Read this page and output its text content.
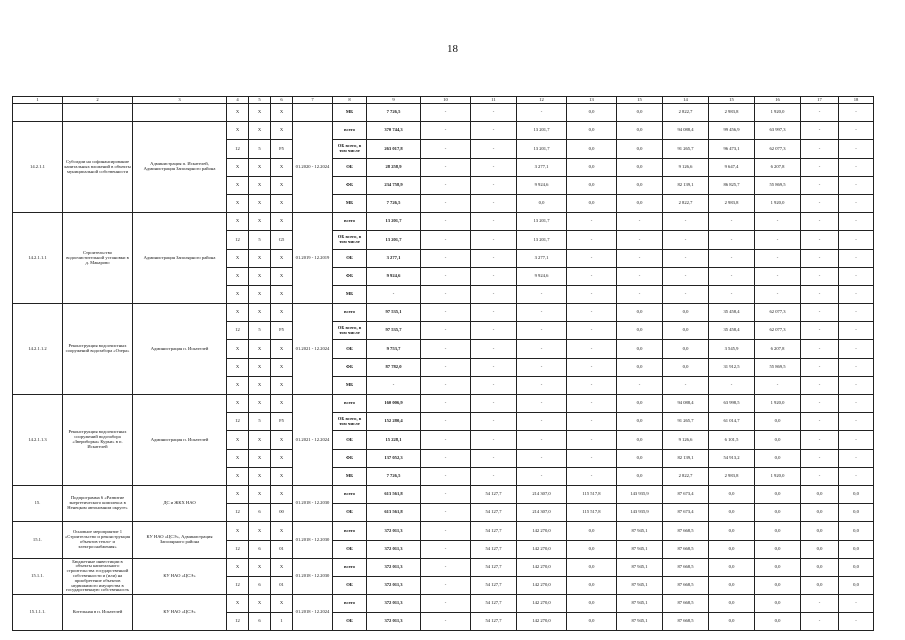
18
1	2	3	4	5	6	7	8	9	10	11	12	13	15	14	15	16	17	18
			X	X	X		МБ	7 726,5	-	-	-	0,0	0,0	2 822,7	2 983,8	1 920,0	-	-
14.2.1.1	Субсидии на софинансирование капитальных вложений в объекты муниципальной собственности	Администрация п. Искателей, Администрация Заполярного района	X	X	X	01.2020 - 12.2024	всего	370 744,3	-	-	13 201,7	0,0	0,0	94 088,4	99 456,9	63 997,3	-	-
			12	5	F5		ОБ всего, в том числе	263 017,8	-	-	13 201,7	0,0	0,0	91 265,7	96 473,1	62 077,3	-	-
			X	X	X		ОБ	28 258,9	-	-	3 277,1	0,0	0,0	9 126,6	9 647,4	6 207,8	-	-
			X	X	X		ФБ	234 758,9	-	-	9 924,6	0,0	0,0	82 139,1	86 825,7	55 869,5	-	-
			X	X	X		МБ	7 726,5	-	-	0,0	0,0	0,0	2 822,7	2 983,8	1 920,0	-	-
14.2.1.1.1	Строительство водоочистительной установки в д. Макарово	Администрация Заполярного района	X	X	X	01.2019 - 12.2019	всего	13 201,7	-	-	13 201,7	-	-	-	-	-	-	-
			12	5	G5		ОБ всего, в том числе	13 201,7	-	-	13 201,7	-	-	-	-	-	-	-
			X	X	X		ОБ	3 277,1	-	-	3 277,1	-	-	-	-	-	-	-
			X	X	X		ФБ	9 924,6	-	-	9 924,6	-	-	-	-	-	-	-
			X	X	X		МБ	-	-	-	-	-	-	-	-	-	-	-
14.2.1.1.2	Реконструкция водоочистных сооружений водозабора «Озера»	Администрация п. Искателей	X	X	X	01.2021 - 12.2024	всего	97 535,1	-	-	-	-	0,0	0,0	35 458,4	62 077,3	-	-
			12	5	F5		ОБ всего, в том числе	97 535,7	-	-	-	-	0,0	0,0	35 458,4	62 077,3	-	-
			X	X	X		ОБ	9 753,7	-	-	-	-	0,0	0,0	3 545,9	6 207,8	-	-
			X	X	X		ФБ	87 782,0	-	-	-	-	0,0	0,0	31 912,5	55 869,5	-	-
			X	X	X		МБ	-	-	-	-	-	-	-	-	-	-	-
14.2.1.1.3	Реконструкция водоочистных сооружений водозабора «Звериборка» Курьи» в п. Искателей	Администрация п. Искателей	X	X	X	01.2021 - 12.2024	всего	160 006,9	-	-	-	-	0,0	94 088,4	63 998,5	1 920,0	-	-
			12	5	F5		ОБ всего, в том числе	152 280,4	-	-	-	-	0,0	91 265,7	61 014,7	0,0	-	-
			X	X	X		ОБ	15 228,1	-	-	-	-	0,0	9 126,6	6 101,5	0,0	-	-
			X	X	X		ФБ	137 052,3	-	-	-	-	0,0	82 139,1	54 913,2	0,0	-	-
			X	X	X		МБ	7 726,5	-	-	-	-	0,0	2 822,7	2 983,8	1 920,0	-	-
15.	Подпрограмма 6 «Развитие энергетического комплекса в Ненецком автономном округе»	ДС и ЖКХ НАО	X	X	X	01.2018 - 12.2030	всего	613 561,8	-	54 127,7	214 307,0	115 517,8	143 935,9	87 673,4	0,0	0,0	0,0	0,0
			12	6	00		ОБ	613 561,8	-	54 127,7	214 307,0	115 517,8	143 935,9	87 673,4	0,0	0,0	0,0	0,0
15.1.	Основное мероприятие 1 «Строительство и реконструкция объектов тепло- и электроснабжения»	КУ НАО «ЦСЭ», Администрация Заполярного района	X	X	X	01.2018 - 12.2030	всего	372 011,3	-	54 127,7	142 270,0	0,0	87 945,1	87 668,5	0,0	0,0	0,0	0,0
			12	6	01		ОБ	372 011,3	-	54 127,7	142 270,0	0,0	87 945,1	87 668,5	0,0	0,0	0,0	0,0
15.1.1.	Бюджетные инвестиции в объекты капитального строительства государственной собственности и (или) на приобретение объектов недвижимого имущества в государственную собственность	КУ НАО «ЦСЭ»	X	X	X	01.2018 - 12.2030	всего	372 011,3	-	54 127,7	142 270,0	0,0	87 945,1	87 668,5	0,0	0,0	0,0	0,0
			12	6	01		ОБ	372 011,3	-	54 127,7	142 270,0	0,0	87 945,1	87 668,5	0,0	0,0	0,0	0,0
15.1.1.1.	Котельная в п. Искателей	КУ НАО «ЦСЭ»	X	X	X	01.2018 - 12.2024	всего	372 011,3	-	54 127,7	142 270,0	0,0	87 945,1	87 668,5	0,0	0,0	-	-
			12	6	1		ОБ	372 011,3	-	54 127,7	142 270,0	0,0	87 945,1	87 668,5	0,0	0,0	-	-
